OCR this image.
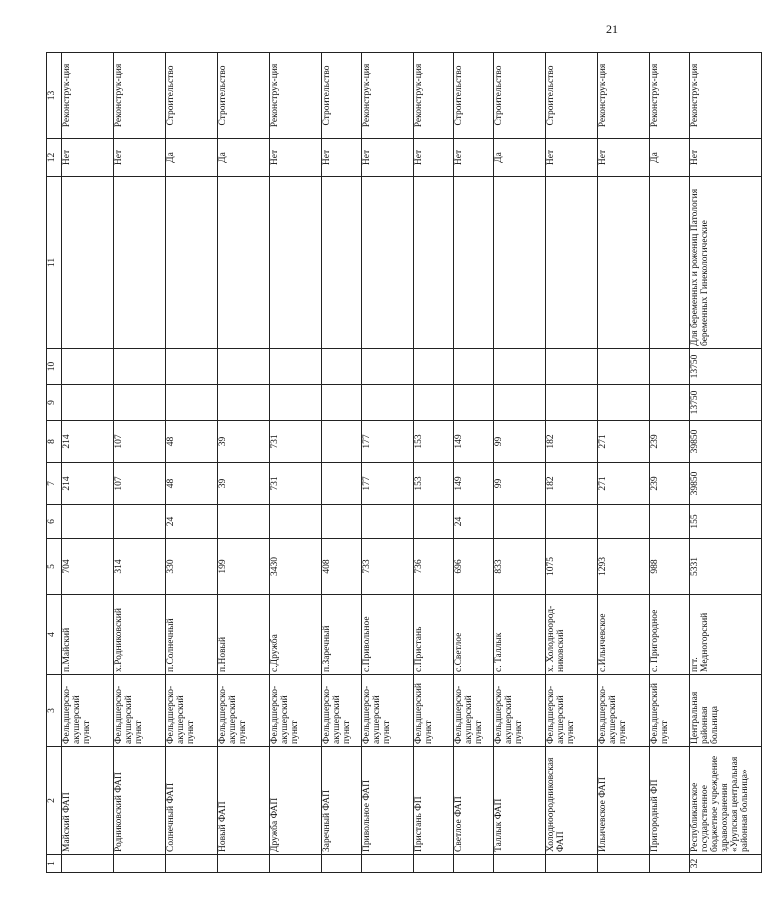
21
1	2	3	4	5	6	7	8	9	10	11	12	13
	Майский ФАП	Фельдшерско-акушерский пункт	п.Майский	704		214	214				Нет	Реконструк-ция
	Родниковский ФАП	Фельдшерско-акушерский пункт	х.Родниковский	314		107	107				Нет	Реконструк-ция
	Солнечный ФАП	Фельдшерско-акушерский пункт	п.Солнечный	330	24	48	48				Да	Строительство
	Новый ФАП	Фельдшерско-акушерский пункт	п.Новый	199		39	39				Да	Строительство
	Дружба ФАП	Фельдшерско-акушерский пункт	с.Дружба	3430		731	731				Нет	Реконструк-ция
	Заречный ФАП	Фельдшерско-акушерский пункт	п.Заречный	408							Нет	Строительство
	Привольное ФАП	Фельдшерско-акушерский пункт	с.Привольное	733		177	177				Нет	Реконструк-ция
	Пристань ФП	Фельдшерский пункт	с.Пристань	736		153	153				Нет	Реконструк-ция
	Светлое ФАП	Фельдшерско-акушерский пункт	с.Светлое	696	24	149	149				Нет	Строительство
	Таллык ФАП	Фельдшерско-акушерский пункт	с. Таллык	833		99	99				Да	Строительство
	Холодноородниковская ФАП	Фельдшерско-акушерский пункт	х. Холодноород-никовский	1075		182	182				Нет	Строительство
	Ильичевское ФАП	Фельдшерско-акушерский пункт	с.Ильичевское	1293		271	271				Нет	Реконструк-ция
	Пригородный ФП	Фельдшерский пункт	с. Пригородное	988		239	239				Да	Реконструк-ция
32	Республиканское государственное бюджетное учреждение здравоохранения «Урупская центральная районная больница»	Центральная районная больница	пгт. Медногорский	5331	155	39850	39850	13750	13750	Для беременных и рожениц Патология беременных Гинекологические	Нет	Реконструк-ция
